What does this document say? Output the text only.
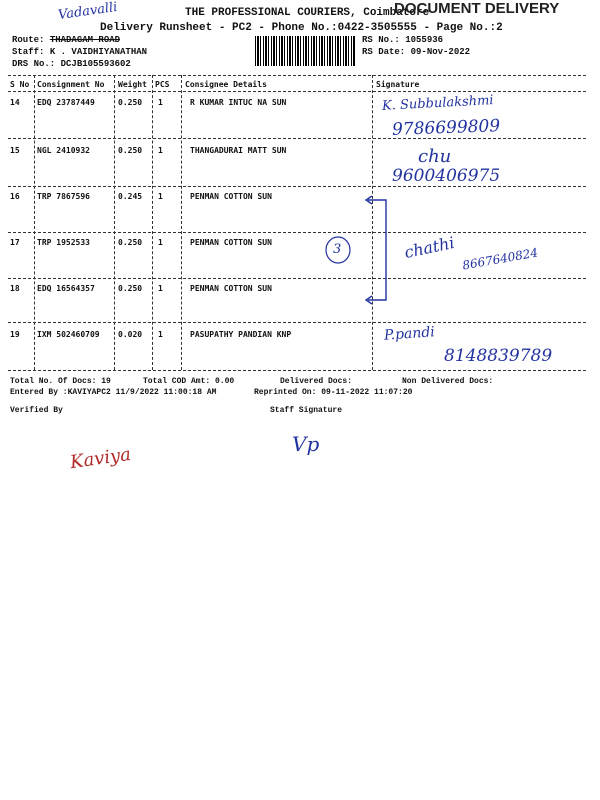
Vadavalli	THE PROFESSIONAL COURIERS, Coimbatore
DOCUMENT DELIVERY
Delivery Runsheet - PC2 - Phone No.:0422-3505555 - Page No.:2
Route: THADAGAM ROAD
Staff: K . VAIDHIYANATHAN
DRS No.: DCJB105593602
RS No.: 1055936
RS Date: 09-Nov-2022
S No Consignment No Weight PCS Consignee Details	Signature
14 EDQ 23787449	0.250 1	R KUMAR INTUC NA SUN	K. Subbulakshmi
9786699809
15 NGL 2410932	0.250 1	THANGADURAI MATT SUN	chu
9600406975
16 TRP 7867596	0.245 1	PENMAN COTTON SUN
17 TRP 1952533	0.250 1	PENMAN COTTON SUN	chathi 8667640824
18 EDQ 16564357	0.250 1	PENMAN COTTON SUN
3
19 IXM 502460709 0.020 1	PASUPATHY PANDIAN KNP	P.pandi
8148839789
Total No. Of Docs: 19	Total COD Amt: 0.00	Delivered Docs:	Non Delivered Docs:
Entered By :KAVIYAPC2 11/9/2022 11:00:18 AM	Reprinted On: 09-11-2022 11:07:20
Verified By	Staff Signature
Kaviya	Vp
